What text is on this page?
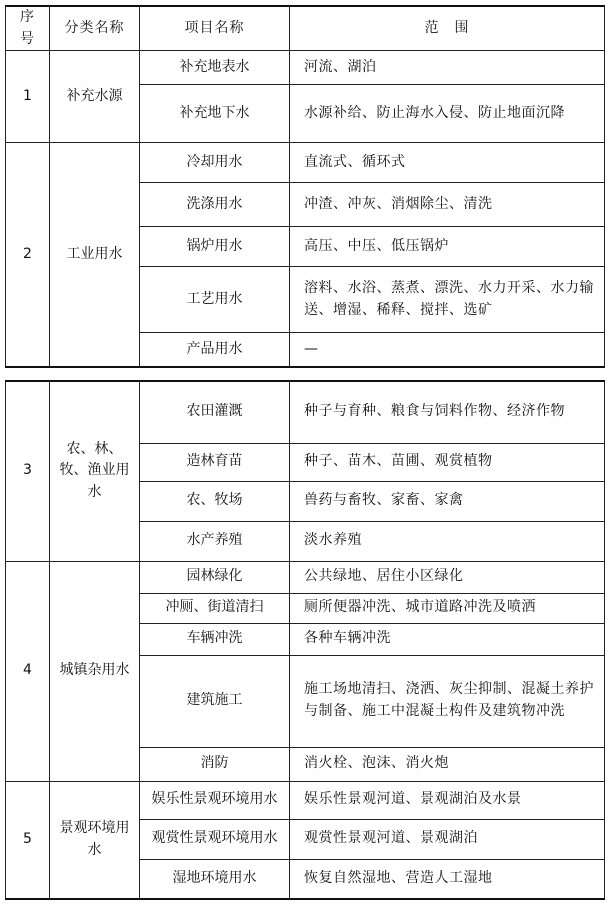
序号	分类名称	项目名称	范　围
1	补充水源	补充地表水	河流、湖泊
		补充地下水	水源补给、防止海水入侵、防止地面沉降
2	工业用水	冷却用水	直流式、循环式
		洗涤用水	冲渣、冲灰、消烟除尘、清洗
		锅炉用水	高压、中压、低压锅炉
		工艺用水	溶料、水浴、蒸煮、漂洗、水力开采、水力输送、增湿、稀释、搅拌、选矿
		产品用水	—
3	农、林、牧、渔业用水	农田灌溉	种子与育种、粮食与饲料作物、经济作物
		造林育苗	种子、苗木、苗圃、观赏植物
		农、牧场	兽药与畜牧、家畜、家禽
		水产养殖	淡水养殖
4	城镇杂用水	园林绿化	公共绿地、居住小区绿化
		冲厕、街道清扫	厕所便器冲洗、城市道路冲洗及喷洒
		车辆冲洗	各种车辆冲洗
		建筑施工	施工场地清扫、浇洒、灰尘抑制、混凝土养护与制备、施工中混凝土构件及建筑物冲洗
		消防	消火栓、泡沫、消火炮
5	景观环境用水	娱乐性景观环境用水	娱乐性景观河道、景观湖泊及水景
		观赏性景观环境用水	观赏性景观河道、景观湖泊
		湿地环境用水	恢复自然湿地、营造人工湿地
